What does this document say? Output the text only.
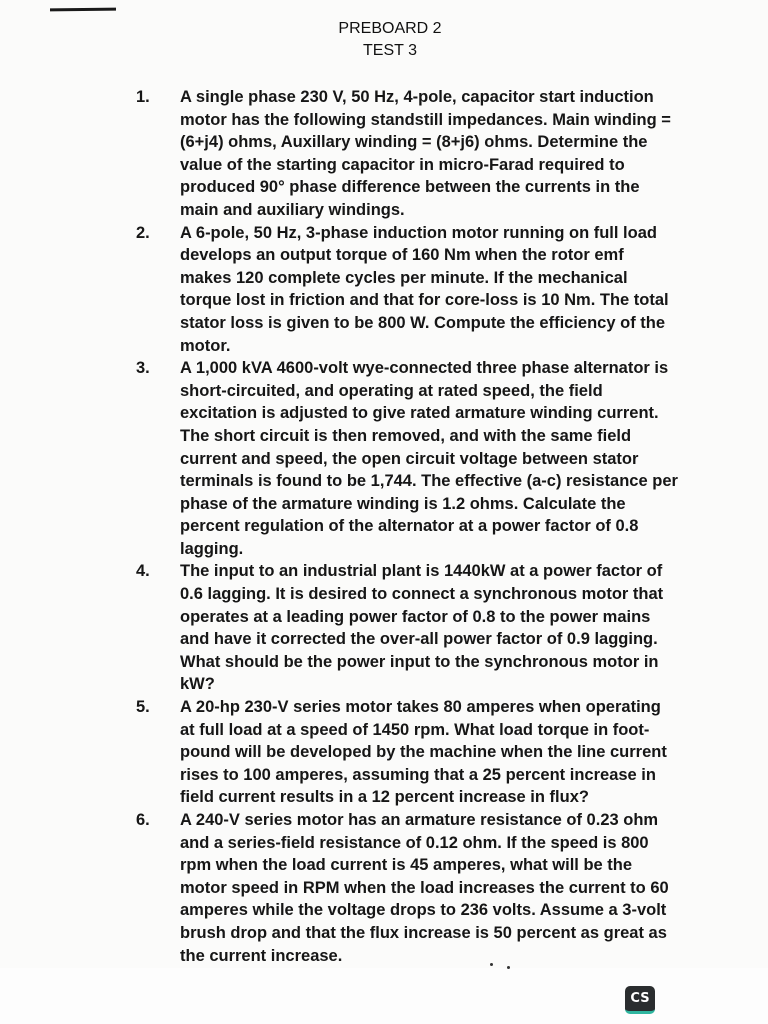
PREBOARD 2
TEST 3
1. A single phase 230 V, 50 Hz, 4-pole, capacitor start induction
motor has the following standstill impedances. Main winding =
(6+j4) ohms, Auxillary winding = (8+j6) ohms. Determine the
value of the starting capacitor in micro-Farad required to
produced 90° phase difference between the currents in the
main and auxiliary windings.
2. A 6-pole, 50 Hz, 3-phase induction motor running on full load
develops an output torque of 160 Nm when the rotor emf
makes 120 complete cycles per minute. If the mechanical
torque lost in friction and that for core-loss is 10 Nm. The total
stator loss is given to be 800 W. Compute the efficiency of the
motor.
3. A 1,000 kVA 4600-volt wye-connected three phase alternator is
short-circuited, and operating at rated speed, the field
excitation is adjusted to give rated armature winding current.
The short circuit is then removed, and with the same field
current and speed, the open circuit voltage between stator
terminals is found to be 1,744. The effective (a-c) resistance per
phase of the armature winding is 1.2 ohms. Calculate the
percent regulation of the alternator at a power factor of 0.8
lagging.
4. The input to an industrial plant is 1440kW at a power factor of
0.6 lagging. It is desired to connect a synchronous motor that
operates at a leading power factor of 0.8 to the power mains
and have it corrected the over-all power factor of 0.9 lagging.
What should be the power input to the synchronous motor in
kW?
5. A 20-hp 230-V series motor takes 80 amperes when operating
at full load at a speed of 1450 rpm. What load torque in foot-
pound will be developed by the machine when the line current
rises to 100 amperes, assuming that a 25 percent increase in
field current results in a 12 percent increase in flux?
6. A 240-V series motor has an armature resistance of 0.23 ohm
and a series-field resistance of 0.12 ohm. If the speed is 800
rpm when the load current is 45 amperes, what will be the
motor speed in RPM when the load increases the current to 60
amperes while the voltage drops to 236 volts. Assume a 3-volt
brush drop and that the flux increase is 50 percent as great as
the current increase.
CS
